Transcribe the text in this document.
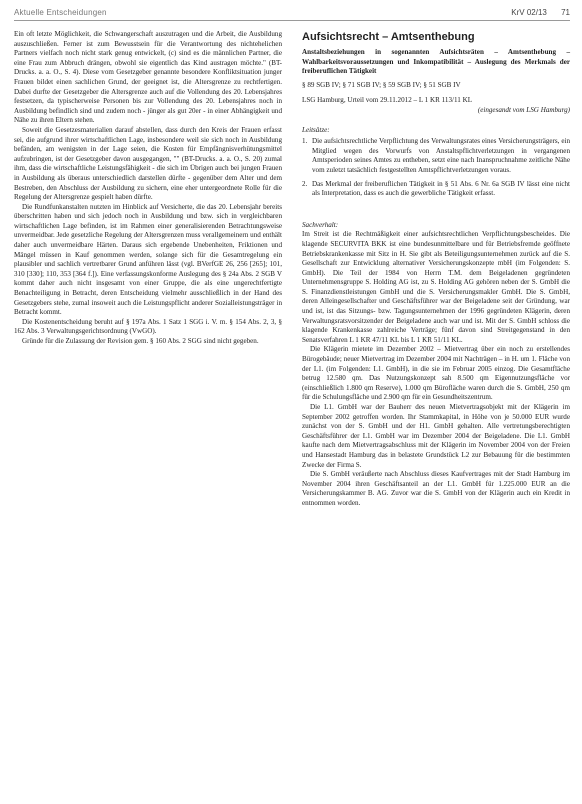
Aktuelle Entscheidungen	KrV 02/13 71

Ein oft letzte Möglichkeit, die Schwangerschaft auszutragen und die Arbeit, die Ausbildung auszuschließen. Ferner ist zum Bewusstsein für die Verantwortung des nichtehelichen Partners vielfach noch nicht stark genug entwickelt, (c) sind es die männlichen Partner, die eine Frau zum Abbruch drängen, obwohl sie eigentlich das Kind austragen möchte." (BT-Drucks. a. a. O., S. 4). Diese vom Gesetzgeber genannte besondere Konfliktsituation junger Frauen bildet einen sachlichen Grund, der geeignet ist, die Altersgrenze zu rechtfertigen. Dabei durfte der Gesetzgeber die Altersgrenze auch auf die Vollendung des 20. Lebensjahres festsetzen, da typischerweise Personen bis zur Vollendung des 20. Lebensjahres noch in Ausbildung befindlich sind und zudem noch - jünger als gut 20er - in einer Abhängigkeit und Nähe zu ihren Eltern stehen.

Soweit die Gesetzesmaterialien darauf abstellen, dass durch den Kreis der Frauen erfasst sei, die aufgrund ihrer wirtschaftlichen Lage, insbesondere weil sie sich noch in Ausbildung befänden, am wenigsten in der Lage seien, die Kosten für Empfängnisverhütungsmittel aufzubringen, ist der Gesetzgeber davon ausgegangen, "" (BT-Drucks. a. a. O., S. 20) zumal ihm, dass die wirtschaftliche Leistungsfähigkeit - die sich im Übrigen auch bei jungen Frauen in Ausbildung als überaus unterschiedlich darstellen dürfte - gegenüber dem Alter und dem Bestreben, den Abschluss der Ausbildung zu sichern, eine eher untergeordnete Rolle für die Regelung der Altersgrenze gespielt haben dürfte.

Die Rundfunkanstalten nutzten im Hinblick auf Versicherte, die das 20. Lebensjahr bereits überschritten haben und sich jedoch noch in Ausbildung und bzw. sich in vergleichbaren wirtschaftlichen Lage befinden, ist im Rahmen einer generalisierenden Betrachtungsweise unvermeidbar. Jede gesetzliche Regelung der Altersgrenzen muss verallgemeinern und enthält daher auch unvermeidbare Härten. Daraus sich ergebende Unebenheiten, Friktionen und Mängel müssen in Kauf genommen werden, solange sich für die Gesamtregelung ein plausibler und sachlich vertretbarer Grund anführen lässt (vgl. BVerfGE 26, 256 [265]; 101, 310 [330]; 110, 353 [364 f.]). Eine verfassungskonforme Auslegung des § 24a Abs. 2 SGB V kommt daher auch nicht insgesamt von einer Gruppe, die als eine ungerechtfertigte Benachteiligung in Betracht, deren Entscheidung vielmehr ausschließlich in der Hand des Gesetzgebers stehe, zumal insoweit auch die Leistungspflicht anderer Sozialleistungsträger in Betracht kommt.

Die Kostenentscheidung beruht auf § 197a Abs. 1 Satz 1 SGG i. V. m. § 154 Abs. 2, 3, § 162 Abs. 3 Verwaltungsgerichtsordnung (VwGO).

Gründe für die Zulassung der Revision gem. § 160 Abs. 2 SGG sind nicht gegeben.

Aufsichtsrecht – Amtsenthebung
Anstaltsbeziehungen in sogenannten Aufsichtsräten – Amtsenthebung – Wahlbarkeitsvoraussetzungen und Inkompatibilität – Auslegung des Merkmals der freiberuflichen Tätigkeit
§ 89 SGB IV; § 71 SGB IV; § 59 SGB IV; § 51 SGB IV
LSG Hamburg, Urteil vom 29.11.2012 – L 1 KR 113/11 KL
(eingesandt vom LSG Hamburg)
Leitsätze:
1. Die aufsichtsrechtliche Verpflichtung des Verwaltungsrates eines Versicherungsträgers, ein Mitglied wegen des Vorwurfs von Anstaltspflichtverletzungen in vergangenen Amtsperioden seines Amtes zu entheben, setzt eine nach Inanspruchnahme zeitliche Nähe vom zuletzt tatsächlich festgestellten Amtspflichtverletzungen voraus.
2. Das Merkmal der freiberuflichen Tätigkeit in § 51 Abs. 6 Nr. 6a SGB IV lässt eine nicht als Interpretation, dass es auch die gewerbliche Tätigkeit erfasst.
Sachverhalt:

Im Streit ist die Rechtmäßigkeit einer aufsichtsrechtlichen Verpflichtungsbescheides. Die klagende SECURVITA BKK ist eine bundesunmittelbare und für Betriebsfremde geöffnete Betriebskrankenkasse mit Sitz in H. Sie gibt als Beteiligungsunternehmen zurück auf die S. Gesellschaft zur Entwicklung alternativer Versicherungskonzepte mbH (im Folgenden: S. GmbH). Die Teil der 1984 von Herrn T.M. dem Beigeladenen gegründeten Unternehmensgruppe S. Holding AG ist, zu S. Holding AG gehören neben der S. GmbH die S. Finanzdienstleistungen GmbH und die S. Versicherungsmakler GmbH. Die S. GmbH, deren Alleingesellschafter und Geschäftsführer war der Beigeladene seit der Gründung, war und ist, ist das Sitzungs- bzw. Tagungsunternehmen der 1996 gegründeten Klägerin, deren Verwaltungsratsvorsitzender der Beigeladene auch war und ist. Mit der S. GmbH schloss die klagende Krankenkasse zahlreiche Verträge; fünf davon sind Streitgegenstand in den Senatsverfahren L 1 KR 47/11 KL bis L 1 KR 51/11 KL.

Die Klägerin mietete im Dezember 2002 – Mietvertrag über ein noch zu erstellendes Bürogebäude; neuer Mietvertrag im Dezember 2004 mit Nachträgen – in H. um 1. Fläche von der L1. (im Folgenden: L1. GmbH), in die sie im Februar 2005 einzog. Die Gesamtfläche betrug 12.580 qm. Das Nutzungskonzept sah 8.500 qm Eigennutzungsfläche vor (einschließlich 1.800 qm Reserve), 1.000 qm Bürofläche waren durch die S. GmbH, 250 qm für die Schulungsfläche und 2.900 qm für ein Gesundheitszentrum.

Die L1. GmbH war der Bauherr des neuen Mietvertragsobjekt mit der Klägerin im September 2002 getroffen worden. Ihr Stammkapital, in Höhe von je 50.000 EUR wurde zunächst von der S. GmbH und der H1. GmbH gehalten. Alle vertretungsberechtigten Geschäftsführer der L1. GmbH war im Dezember 2004 der Beigeladene. Die L1. GmbH kaufte nach dem Mietvertragsabschluss mit der Klägerin im November 2004 von der Freien und Hansestadt Hamburg das in belastete Grundstück L2 zur Bebauung für die bestimmten Zwecke der Firma S.

Die S. GmbH veräußerte nach Abschluss dieses Kaufvertrages mit der Stadt Hamburg im November 2004 ihren Geschäftsanteil an der L1. GmbH für 1.225.000 EUR an die Versicherungskammer B. AG. Zuvor war die S. GmbH von der Klägerin auch ein Kredit in entnommen worden.
